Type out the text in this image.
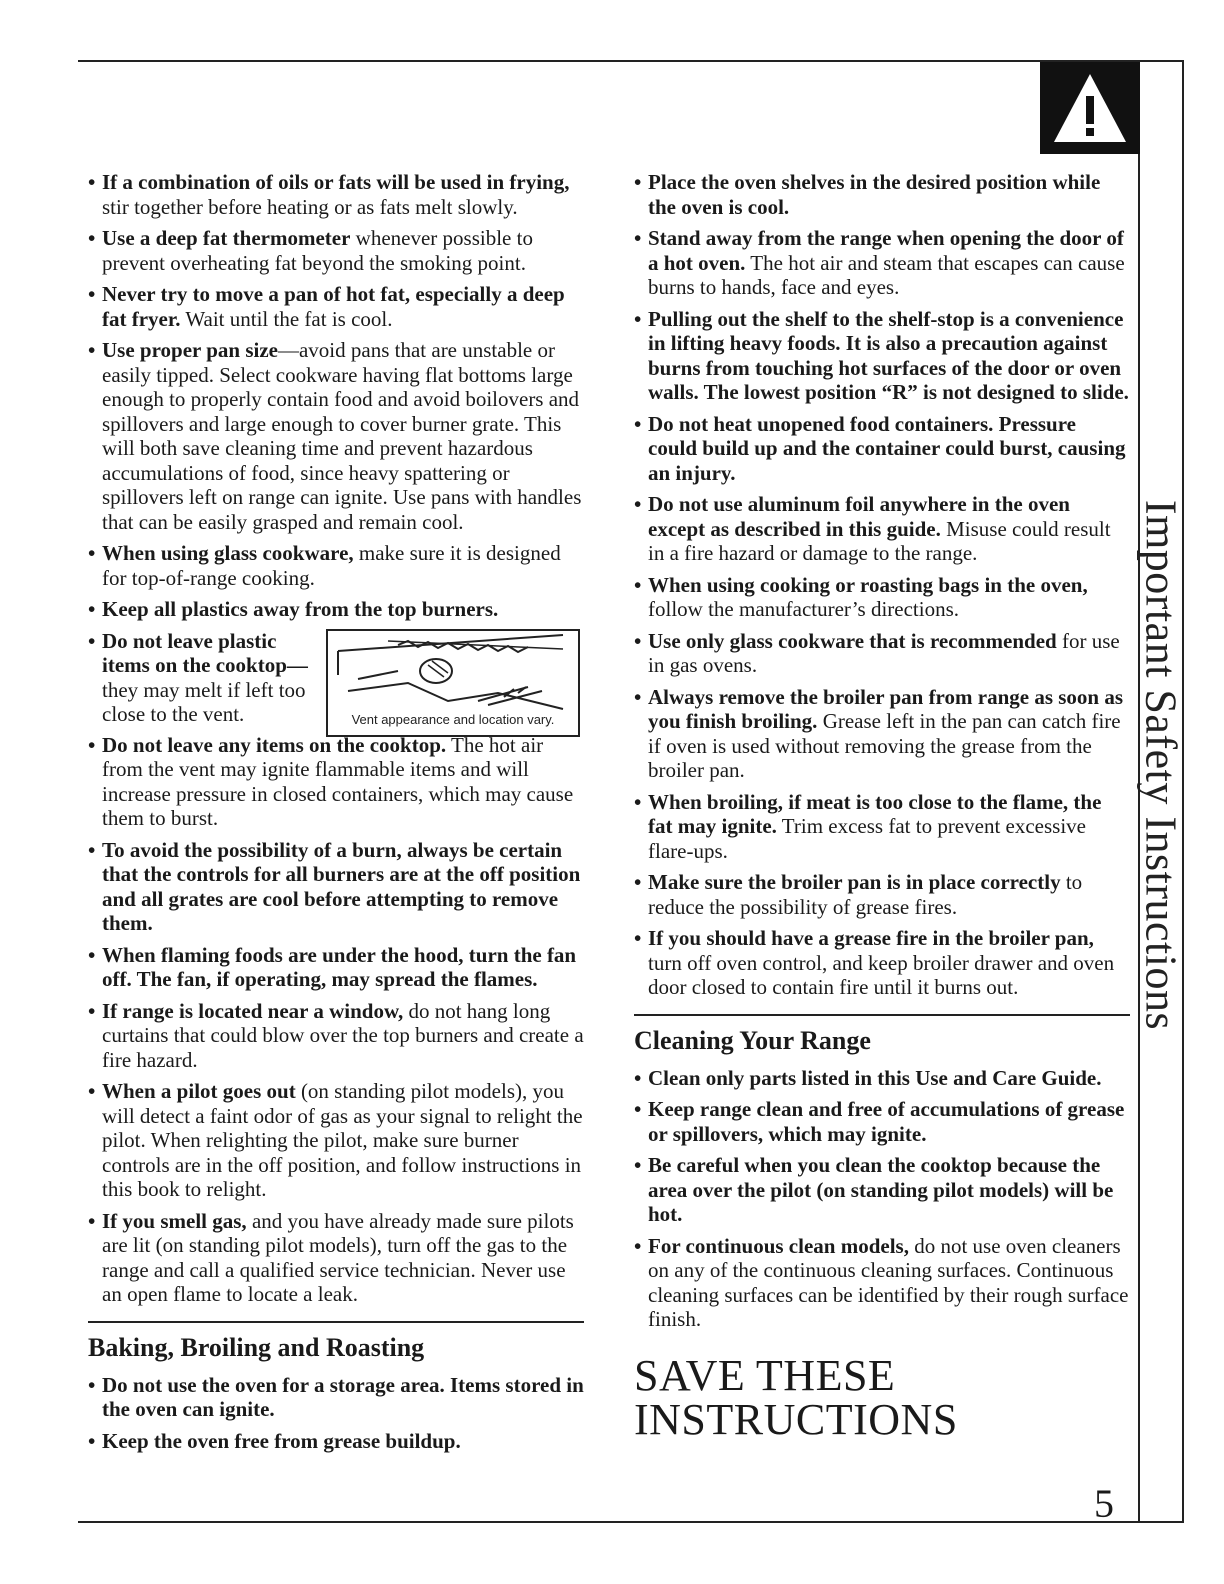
Important Safety Instructions
• If a combination of oils or fats will be used in frying, stir together before heating or as fats melt slowly.
• Use a deep fat thermometer whenever possible to prevent overheating fat beyond the smoking point.
• Never try to move a pan of hot fat, especially a deep fat fryer. Wait until the fat is cool.
• Use proper pan size—avoid pans that are unstable or easily tipped. Select cookware having flat bottoms large enough to properly contain food and avoid boilovers and spillovers and large enough to cover burner grate. This will both save cleaning time and prevent hazardous accumulations of food, since heavy spattering or spillovers left on range can ignite. Use pans with handles that can be easily grasped and remain cool.
• When using glass cookware, make sure it is designed for top-of-range cooking.
• Keep all plastics away from the top burners.
• Do not leave plastic items on the cooktop—they may melt if left too close to the vent.	Vent appearance and location vary.
• Do not leave any items on the cooktop. The hot air from the vent may ignite flammable items and will increase pressure in closed containers, which may cause them to burst.
• To avoid the possibility of a burn, always be certain that the controls for all burners are at the off position and all grates are cool before attempting to remove them.
• When flaming foods are under the hood, turn the fan off. The fan, if operating, may spread the flames.
• If range is located near a window, do not hang long curtains that could blow over the top burners and create a fire hazard.
• When a pilot goes out (on standing pilot models), you will detect a faint odor of gas as your signal to relight the pilot. When relighting the pilot, make sure burner controls are in the off position, and follow instructions in this book to relight.
• If you smell gas, and you have already made sure pilots are lit (on standing pilot models), turn off the gas to the range and call a qualified service technician. Never use an open flame to locate a leak.
Baking, Broiling and Roasting
• Do not use the oven for a storage area. Items stored in the oven can ignite.
• Keep the oven free from grease buildup.
• Place the oven shelves in the desired position while the oven is cool.
• Stand away from the range when opening the door of a hot oven. The hot air and steam that escapes can cause burns to hands, face and eyes.
• Pulling out the shelf to the shelf-stop is a convenience in lifting heavy foods. It is also a precaution against burns from touching hot surfaces of the door or oven walls. The lowest position “R” is not designed to slide.
• Do not heat unopened food containers. Pressure could build up and the container could burst, causing an injury.
• Do not use aluminum foil anywhere in the oven except as described in this guide. Misuse could result in a fire hazard or damage to the range.
• When using cooking or roasting bags in the oven, follow the manufacturer’s directions.
• Use only glass cookware that is recommended for use in gas ovens.
• Always remove the broiler pan from range as soon as you finish broiling. Grease left in the pan can catch fire if oven is used without removing the grease from the broiler pan.
• When broiling, if meat is too close to the flame, the fat may ignite. Trim excess fat to prevent excessive flare-ups.
• Make sure the broiler pan is in place correctly to reduce the possibility of grease fires.
• If you should have a grease fire in the broiler pan, turn off oven control, and keep broiler drawer and oven door closed to contain fire until it burns out.
Cleaning Your Range
• Clean only parts listed in this Use and Care Guide.
• Keep range clean and free of accumulations of grease or spillovers, which may ignite.
• Be careful when you clean the cooktop because the area over the pilot (on standing pilot models) will be hot.
• For continuous clean models, do not use oven cleaners on any of the continuous cleaning surfaces. Continuous cleaning surfaces can be identified by their rough surface finish.
SAVE THESE
INSTRUCTIONS
5
